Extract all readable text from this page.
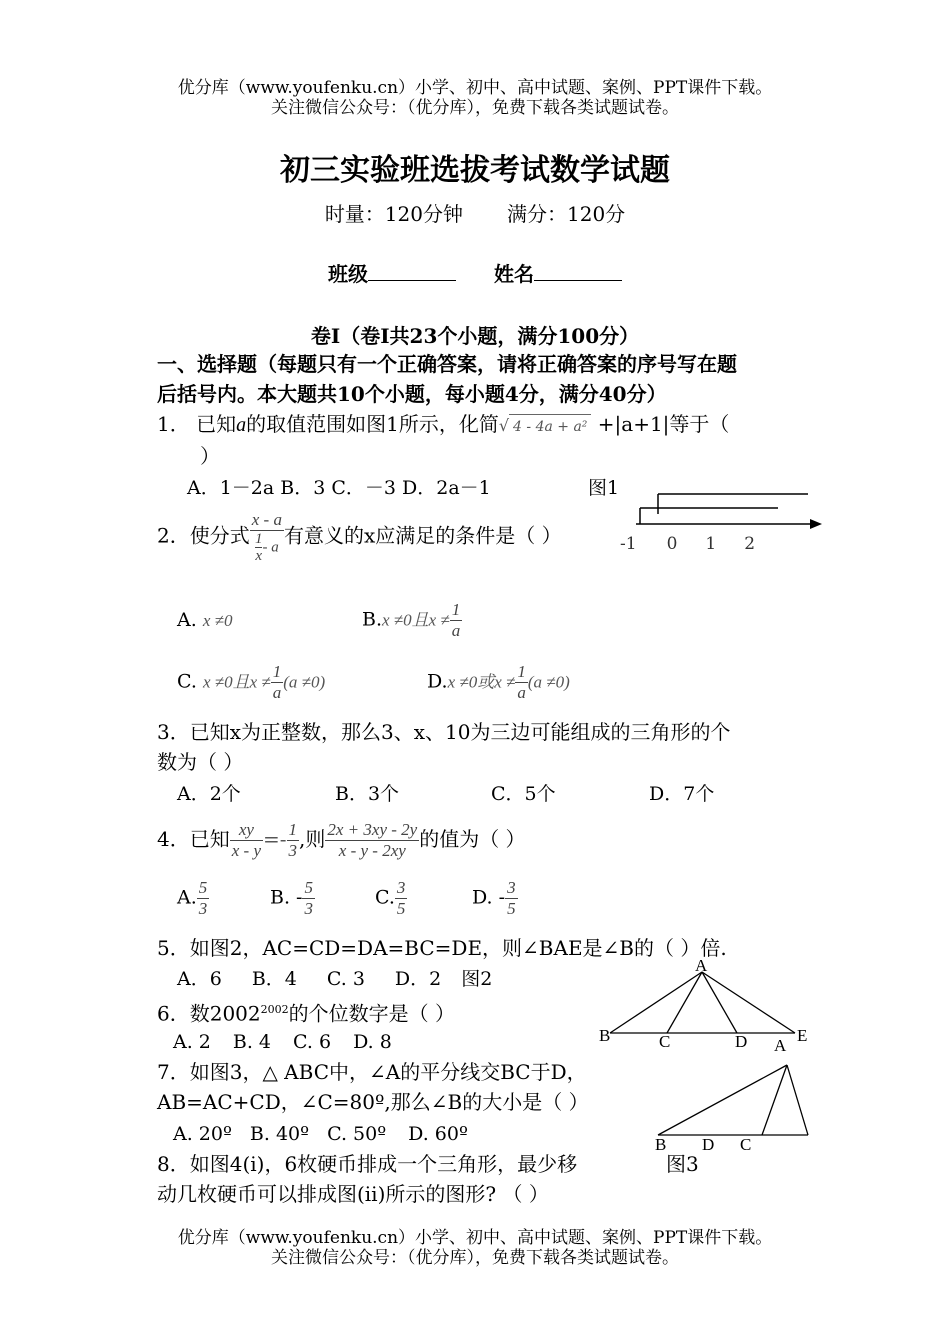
优分库（www.youfenku.cn）小学、初中、高中试题、案例、PPT课件下载。
关注微信公众号：（优分库），免费下载各类试题试卷。
初三实验班选拔考试数学试题
时量：120分钟 满分：120分
班级	姓名
卷Ⅰ（卷Ⅰ共23个小题，满分100分）
一、选择题（每题只有一个正确答案，请将正确答案的序号写在题
后括号内。本大题共10个小题，每小题4分，满分40分）
1． 已知a的取值范围如图1所示，化简√ 4 - 4a + a² +|a+1|等于（
）
A．1－2a B．3 C．－3 D．2a－1	图1
2．使分式 $\frac{x - a}{\frac{1}{x} - a}$ 有意义的x应满足的条件是（ ）	-1 0 1 2
A. x ≠0	B.x ≠0且$x \ne \frac{1}{a}$
C. x ≠0且$x \ne \frac{1}{a} (a \ne 0)$	D.x ≠0或$x \ne \frac{1}{a} (a \ne 0)$
3．已知x为正整数，那么3、x、10为三边可能组成的三角形的个
数为（ ）
A．2个	B．3个	C．5个	D．7个
4．已知 $\frac{xy}{x - y} =- \frac{1}{3}$ ,则 $\frac{2x + 3xy - 2y}{x - y - 2xy}$ 的值为（ ）
A. $\frac{5}{3}$	B. - $\frac{5}{3}$	C. $\frac{3}{5}$	D. - $\frac{3}{5}$
5．如图2，AC=CD=DA=BC=DE，则∠BAE是∠B的（ ）倍.
A．6 B．4 C. 3 D．2 图2
A
B	C	D	E
6．数$2002^{2002}$的个位数字是（ ）
A. 2 B. 4 C. 6 D. 8
7．如图3，△ ABC中，∠A的平分线交BC于D，
AB=AC+CD，∠C=80º,那么∠B的大小是（ ）
A. 20º B. 40º C. 50º D. 60º
A
B D C
8．如图4(ⅰ)，6枚硬币排成一个三角形，最少移	图3
动几枚硬币可以排成图(ⅱ)所示的图形? （ ）
优分库（www.youfenku.cn）小学、初中、高中试题、案例、PPT课件下载。
关注微信公众号：（优分库），免费下载各类试题试卷。
